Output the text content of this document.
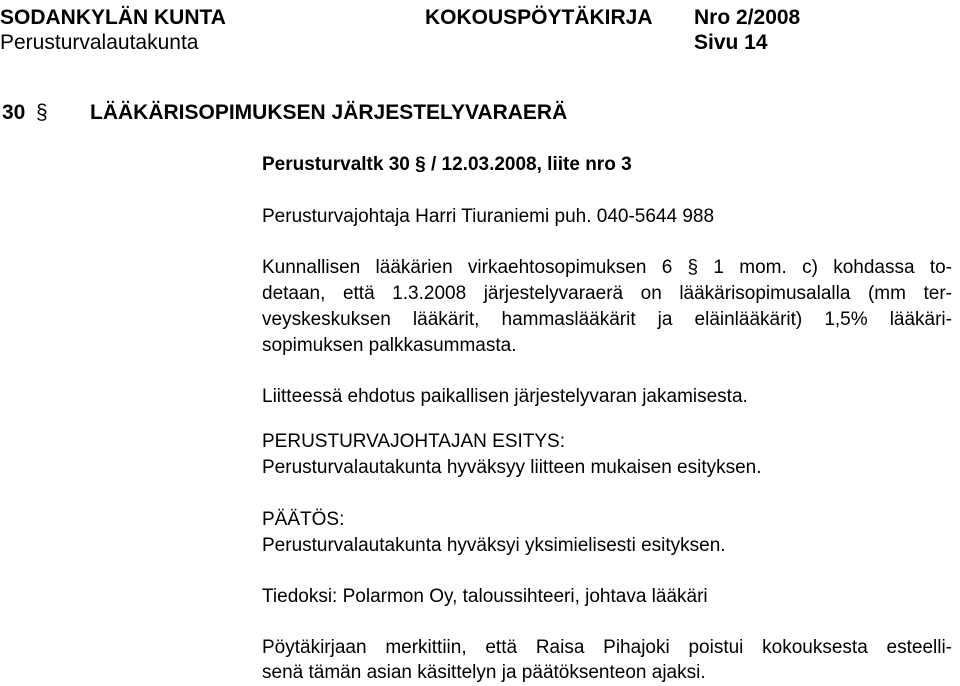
SODANKYLÄN KUNTA
Perusturvalautakunta
KOKOUSPÖYTÄKIRJA Nro 2/2008
Sivu 14
30 § LÄÄKÄRISOPIMUKSEN JÄRJESTELYVARAERÄ
Perusturvaltk 30 § / 12.03.2008, liite nro 3
Perusturvajohtaja Harri Tiuraniemi puh. 040-5644 988
Kunnallisen lääkärien virkaehtosopimuksen 6 § 1 mom. c) kohdassa to-
detaan, että 1.3.2008 järjestelyvaraerä on lääkärisopimusalalla (mm ter-
veyskeskuksen lääkärit, hammaslääkärit ja eläinlääkärit) 1,5% lääkäri-
sopimuksen palkkasummasta.
Liitteessä ehdotus paikallisen järjestelyvaran jakamisesta.
PERUSTURVAJOHTAJAN ESITYS:
Perusturvalautakunta hyväksyy liitteen mukaisen esityksen.
PÄÄTÖS:
Perusturvalautakunta hyväksyi yksimielisesti esityksen.
Tiedoksi: Polarmon Oy, taloussihteeri, johtava lääkäri
Pöytäkirjaan merkittiin, että Raisa Pihajoki poistui kokouksesta esteelli-
senä tämän asian käsittelyn ja päätöksenteon ajaksi.
